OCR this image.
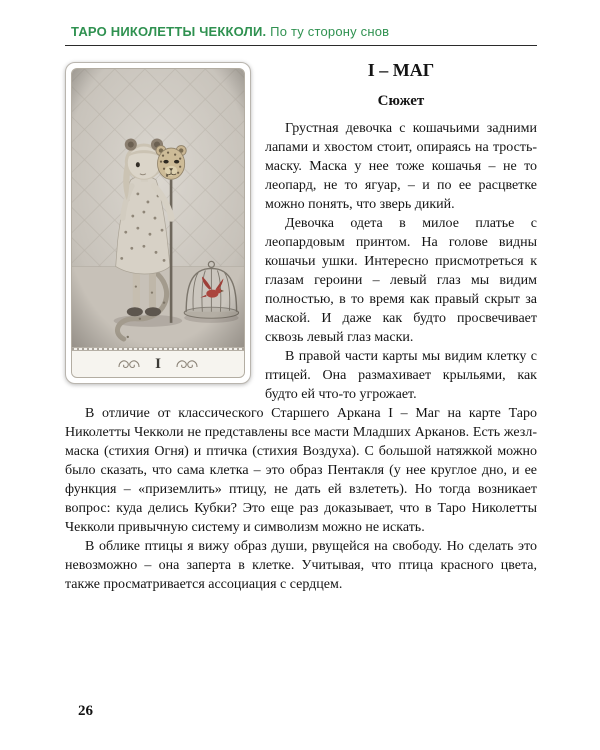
ТАРО НИКОЛЕТТЫ ЧЕККОЛИ. По ту сторону снов
I
I – МАГ
Сюжет

Грустная девочка с кошачьими задними лапами и хвостом стоит, опираясь на трость-маску. Маска у нее тоже кошачья – не то леопард, не то ягуар, – и по ее расцветке можно понять, что зверь дикий.

Девочка одета в милое платье с леопардовым принтом. На голове видны кошачьи ушки. Интересно присмотреться к глазам героини – левый глаз мы видим полностью, в то время как правый скрыт за маской. И даже как будто просвечивает сквозь левый глаз маски.

В правой части карты мы видим клетку с птицей. Она размахивает крыльями, как будто ей что-то угрожает.

В отличие от классического Старшего Аркана I – Маг на карте Таро Николетты Чекколи не представлены все масти Младших Арканов. Есть жезл-маска (стихия Огня) и птичка (стихия Воздуха). С большой натяжкой можно было сказать, что сама клетка – это образ Пентакля (у нее круглое дно, и ее функция – «приземлить» птицу, не дать ей взлететь). Но тогда возникает вопрос: куда делись Кубки? Это еще раз доказывает, что в Таро Николетты Чекколи привычную систему и символизм можно не искать.

В облике птицы я вижу образ души, рвущейся на свободу. Но сделать это невозможно – она заперта в клетке. Учитывая, что птица красного цвета, также просматривается ассоциация с сердцем.

26
